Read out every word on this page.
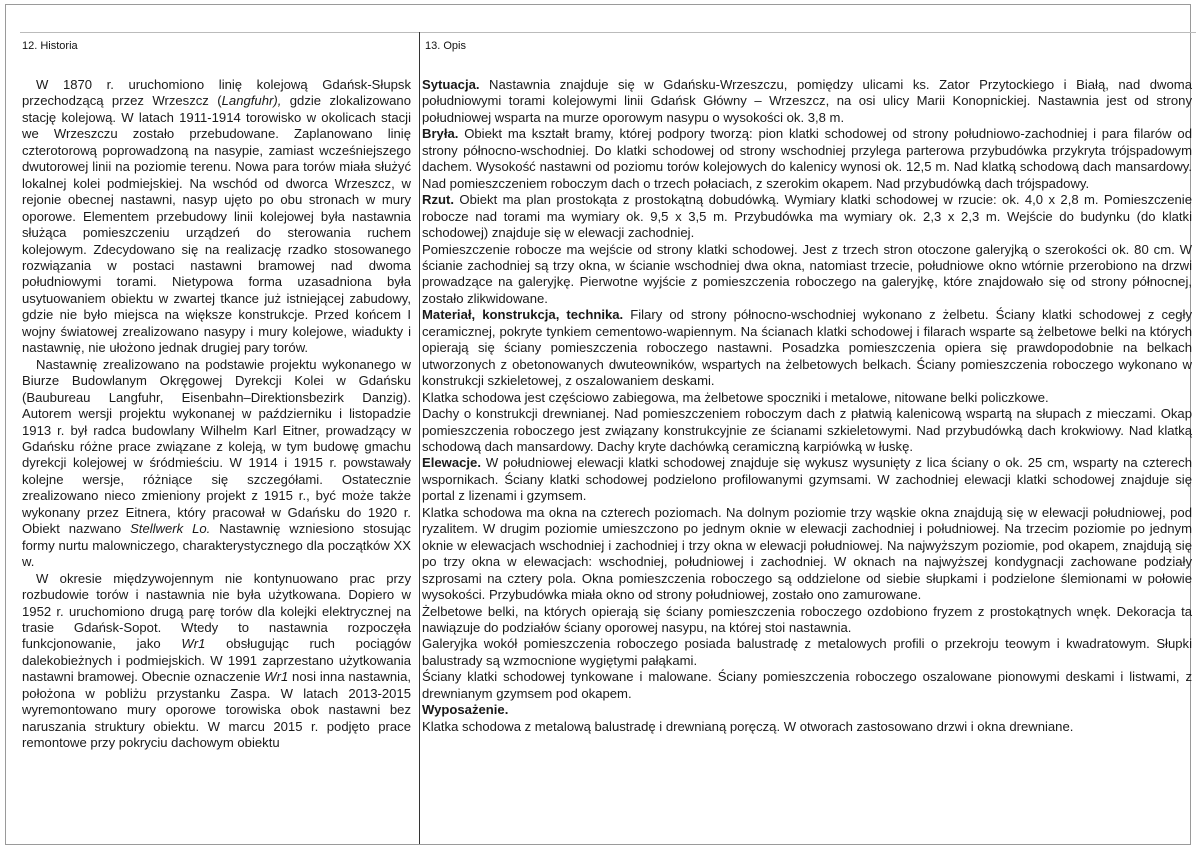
12. Historia	13. Opis

W 1870 r. uruchomiono linię kolejową Gdańsk-Słupsk przechodzącą przez Wrzeszcz (Langfuhr), gdzie zlokalizowano stację kolejową. W latach 1911-1914 torowisko w okolicach stacji we Wrzeszczu zostało przebudowane. Zaplanowano linię czterotorową poprowadzoną na nasypie, zamiast wcześniejszego dwutorowej linii na poziomie terenu. Nowa para torów miała służyć lokalnej kolei podmiejskiej. Na wschód od dworca Wrzeszcz, w rejonie obecnej nastawni, nasyp ujęto po obu stronach w mury oporowe. Elementem przebudowy linii kolejowej była nastawnia służąca pomieszczeniu urządzeń do sterowania ruchem kolejowym. Zdecydowano się na realizację rzadko stosowanego rozwiązania w postaci nastawni bramowej nad dwoma południowymi torami. Nietypowa forma uzasadniona była usytuowaniem obiektu w zwartej tkance już istniejącej zabudowy, gdzie nie było miejsca na większe konstrukcje. Przed końcem I wojny światowej zrealizowano nasypy i mury kolejowe, wiadukty i nastawnię, nie ułożono jednak drugiej pary torów.

Nastawnię zrealizowano na podstawie projektu wykonanego w Biurze Budowlanym Okręgowej Dyrekcji Kolei w Gdańsku (Baubureau Langfuhr, Eisenbahn–Direktionsbezirk Danzig). Autorem wersji projektu wykonanej w październiku i listopadzie 1913 r. był radca budowlany Wilhelm Karl Eitner, prowadzący w Gdańsku różne prace związane z koleją, w tym budowę gmachu dyrekcji kolejowej w śródmieściu. W 1914 i 1915 r. powstawały kolejne wersje, różniące się szczegółami. Ostatecznie zrealizowano nieco zmieniony projekt z 1915 r., być może także wykonany przez Eitnera, który pracował w Gdańsku do 1920 r. Obiekt nazwano Stellwerk Lo. Nastawnię wzniesiono stosując formy nurtu malowniczego, charakterystycznego dla początków XX w.

W okresie międzywojennym nie kontynuowano prac przy rozbudowie torów i nastawnia nie była użytkowana. Dopiero w 1952 r. uruchomiono drugą parę torów dla kolejki elektrycznej na trasie Gdańsk-Sopot. Wtedy to nastawnia rozpoczęła funkcjonowanie, jako Wr1 obsługując ruch pociągów dalekobieżnych i podmiejskich. W 1991 zaprzestano użytkowania nastawni bramowej. Obecnie oznaczenie Wr1 nosi inna nastawnia, położona w pobliżu przystanku Zaspa. W latach 2013-2015 wyremontowano mury oporowe torowiska obok nastawni bez naruszania struktury obiektu. W marcu 2015 r. podjęto prace remontowe przy pokryciu dachowym obiektu

Sytuacja. Nastawnia znajduje się w Gdańsku-Wrzeszczu, pomiędzy ulicami ks. Zator Przytockiego i Białą, nad dwoma południowymi torami kolejowymi linii Gdańsk Główny – Wrzeszcz, na osi ulicy Marii Konopnickiej. Nastawnia jest od strony południowej wsparta na murze oporowym nasypu o wysokości ok. 3,8 m.

Bryła. Obiekt ma kształt bramy, której podpory tworzą: pion klatki schodowej od strony południowo-zachodniej i para filarów od strony północno-wschodniej. Do klatki schodowej od strony wschodniej przylega parterowa przybudówka przykryta trójspadowym dachem. Wysokość nastawni od poziomu torów kolejowych do kalenicy wynosi ok. 12,5 m. Nad klatką schodową dach mansardowy. Nad pomieszczeniem roboczym dach o trzech połaciach, z szerokim okapem. Nad przybudówką dach trójspadowy.

Rzut. Obiekt ma plan prostokąta z prostokątną dobudówką. Wymiary klatki schodowej w rzucie: ok. 4,0 x 2,8 m. Pomieszczenie robocze nad torami ma wymiary ok. 9,5 x 3,5 m. Przybudówka ma wymiary ok. 2,3 x 2,3 m. Wejście do budynku (do klatki schodowej) znajduje się w elewacji zachodniej.

Pomieszczenie robocze ma wejście od strony klatki schodowej. Jest z trzech stron otoczone galeryjką o szerokości ok. 80 cm. W ścianie zachodniej są trzy okna, w ścianie wschodniej dwa okna, natomiast trzecie, południowe okno wtórnie przerobiono na drzwi prowadzące na galeryjkę. Pierwotne wyjście z pomieszczenia roboczego na galeryjkę, które znajdowało się od strony północnej, zostało zlikwidowane.

Materiał, konstrukcja, technika. Filary od strony północno-wschodniej wykonano z żelbetu. Ściany klatki schodowej z cegły ceramicznej, pokryte tynkiem cementowo-wapiennym. Na ścianach klatki schodowej i filarach wsparte są żelbetowe belki na których opierają się ściany pomieszczenia roboczego nastawni. Posadzka pomieszczenia opiera się prawdopodobnie na belkach utworzonych z obetonowanych dwuteowników, wspartych na żelbetowych belkach. Ściany pomieszczenia roboczego wykonano w konstrukcji szkieletowej, z oszalowaniem deskami.

Klatka schodowa jest częściowo zabiegowa, ma żelbetowe spoczniki i metalowe, nitowane belki policzkowe.

Dachy o konstrukcji drewnianej. Nad pomieszczeniem roboczym dach z płatwią kalenicową wspartą na słupach z mieczami. Okap pomieszczenia roboczego jest związany konstrukcyjnie ze ścianami szkieletowymi. Nad przybudówką dach krokwiowy. Nad klatką schodową dach mansardowy. Dachy kryte dachówką ceramiczną karpiówką w łuskę.

Elewacje. W południowej elewacji klatki schodowej znajduje się wykusz wysunięty z lica ściany o ok. 25 cm, wsparty na czterech wspornikach. Ściany klatki schodowej podzielono profilowanymi gzymsami. W zachodniej elewacji klatki schodowej znajduje się portal z lizenami i gzymsem.

Klatka schodowa ma okna na czterech poziomach. Na dolnym poziomie trzy wąskie okna znajdują się w elewacji południowej, pod ryzalitem. W drugim poziomie umieszczono po jednym oknie w elewacji zachodniej i południowej. Na trzecim poziomie po jednym oknie w elewacjach wschodniej i zachodniej i trzy okna w elewacji południowej. Na najwyższym poziomie, pod okapem, znajdują się po trzy okna w elewacjach: wschodniej, południowej i zachodniej. W oknach na najwyższej kondygnacji zachowane podziały szprosami na cztery pola. Okna pomieszczenia roboczego są oddzielone od siebie słupkami i podzielone ślemionami w połowie wysokości. Przybudówka miała okno od strony południowej, zostało ono zamurowane.

Żelbetowe belki, na których opierają się ściany pomieszczenia roboczego ozdobiono fryzem z prostokątnych wnęk. Dekoracja ta nawiązuje do podziałów ściany oporowej nasypu, na której stoi nastawnia.

Galeryjka wokół pomieszczenia roboczego posiada balustradę z metalowych profili o przekroju teowym i kwadratowym. Słupki balustrady są wzmocnione wygiętymi pałąkami.

Ściany klatki schodowej tynkowane i malowane. Ściany pomieszczenia roboczego oszalowane pionowymi deskami i listwami, z drewnianym gzymsem pod okapem.

Wyposażenie.

Klatka schodowa z metalową balustradę i drewnianą poręczą. W otworach zastosowano drzwi i okna drewniane.
